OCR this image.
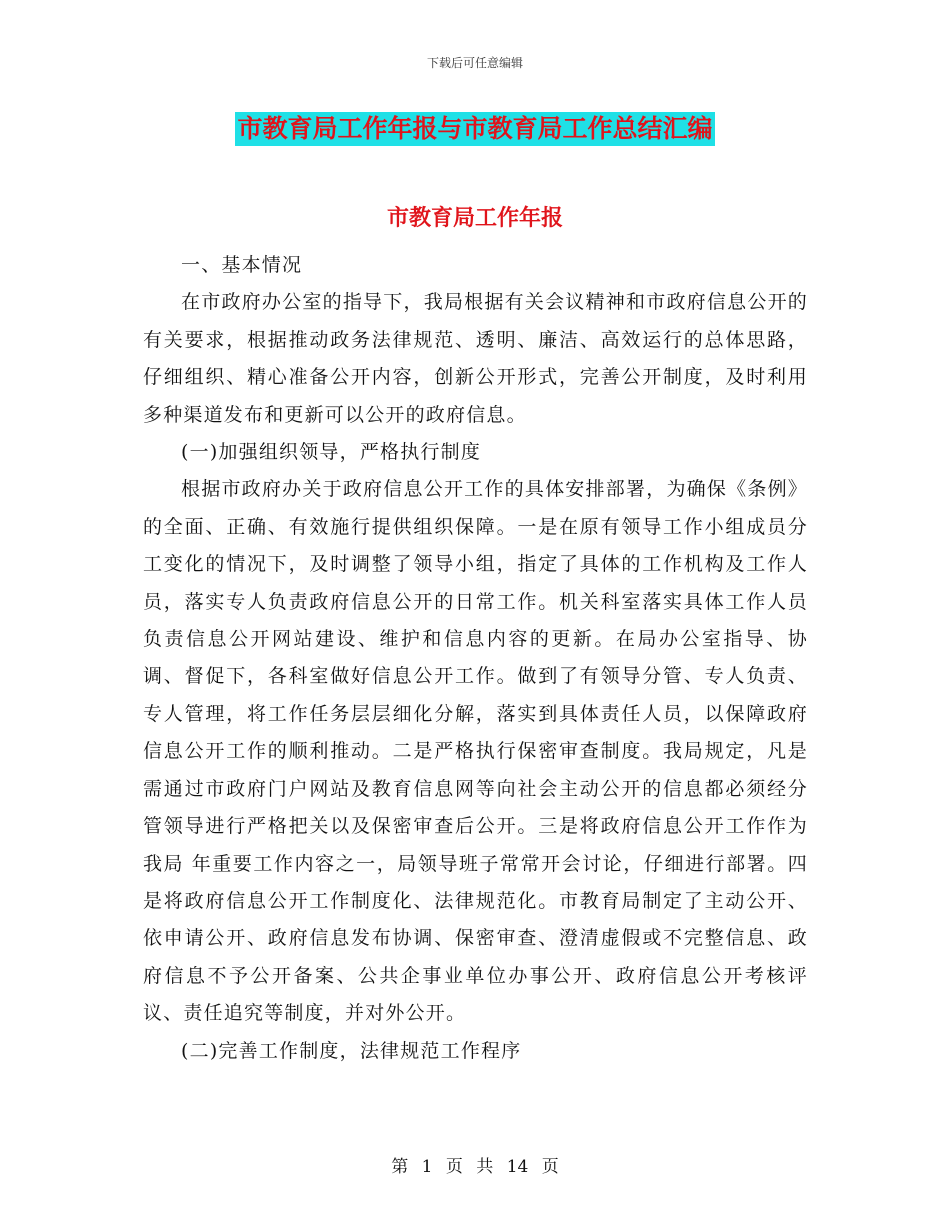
下载后可任意编辑
市教育局工作年报与市教育局工作总结汇编
市教育局工作年报

一、基本情况

在市政府办公室的指导下，我局根据有关会议精神和市政府信息公开的有关要求，根据推动政务法律规范、透明、廉洁、高效运行的总体思路，仔细组织、精心准备公开内容，创新公开形式，完善公开制度，及时利用多种渠道发布和更新可以公开的政府信息。

(一)加强组织领导，严格执行制度

根据市政府办关于政府信息公开工作的具体安排部署，为确保《条例》的全面、正确、有效施行提供组织保障。一是在原有领导工作小组成员分工变化的情况下，及时调整了领导小组，指定了具体的工作机构及工作人员，落实专人负责政府信息公开的日常工作。机关科室落实具体工作人员负责信息公开网站建设、维护和信息内容的更新。在局办公室指导、协调、督促下，各科室做好信息公开工作。做到了有领导分管、专人负责、专人管理，将工作任务层层细化分解，落实到具体责任人员，以保障政府信息公开工作的顺利推动。二是严格执行保密审查制度。我局规定，凡是需通过市政府门户网站及教育信息网等向社会主动公开的信息都必须经分管领导进行严格把关以及保密审查后公开。三是将政府信息公开工作作为我局 年重要工作内容之一，局领导班子常常开会讨论，仔细进行部署。四是将政府信息公开工作制度化、法律规范化。市教育局制定了主动公开、依申请公开、政府信息发布协调、保密审查、澄清虚假或不完整信息、政府信息不予公开备案、公共企事业单位办事公开、政府信息公开考核评议、责任追究等制度，并对外公开。

(二)完善工作制度，法律规范工作程序

第 1 页 共 14 页
